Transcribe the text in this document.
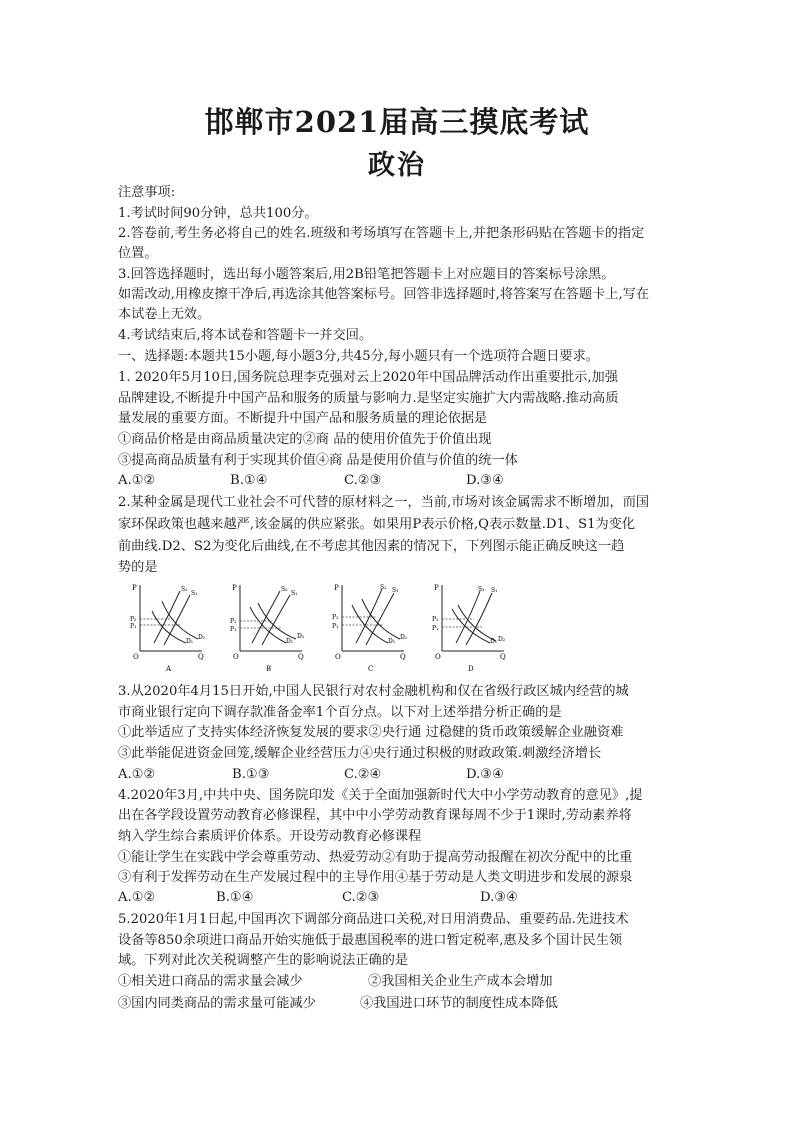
邯郸市2021届高三摸底考试
政治
注意事项:
1.考试时间90分钟，总共100分。
2.答卷前,考生务必将自己的姓名.班级和考场填写在答题卡上,并把条形码贴在答题卡的指定
位置。
3.回答选择题时，选出每小题答案后,用2B铅笔把答题卡上对应题目的答案标号涂黑。
如需改动,用橡皮擦干净后,再选涂其他答案标号。回答非选择题时,将答案写在答题卡上,写在
本试卷上无效。
4.考试结束后,将本试卷和答题卡一并交回。
一、选择题:本题共15小题,每小题3分,共45分,每小题只有一个选项符合题日要求。
1. 2020年5月10日,国务院总理李克强对云上2020年中国品牌活动作出重要批示,加强
品牌建设,不断提升中国产品和服务的质量与影响力.是坚定实施扩大内需战略.推动高质
量发展的重要方面。不断提升中国产品和服务质量的理论依据是
①商品价格是由商品质量决定的②商 品的使用价值先于价值出现
③提高商品质量有利于实现其价值④商 品是使用价值与价值的统一体
A.①②	B.①④	C.②③	D.③④
2.某种金属是现代工业社会不可代替的原材料之一，当前,市场对该金属需求不断增加，而国
家环保政策也越来越严,该金属的供应紧张。如果用P表示价格,Q表示数量.D1、S1为变化
前曲线.D2、S2为变化后曲线,在不考虑其他因素的情况下，下列图示能正确反映这一趋
势的是
P
Q
O
S₂
S₁
D₁
D₂
P₂
P₁
A
P
Q
O
S₂
S₁
D₁
D₂
P₂
P₁
B
P
Q
O
S₂ S₁
D₁
D₂
P₂
P₁
C
P
Q
O
S₂ S₁
D₁ D₂
P₂
P₁
D
3.从2020年4月15日开始,中国人民银行对农村金融机构和仅在省级行政区城内经营的城
市商业银行定向下调存款准备金率1个百分点。以下对上述举措分析正确的是
①此举适应了支持实体经济恢复发展的要求②央行通 过稳健的货币政策缓解企业融资难
③此举能促进资金回笼,缓解企业经营压力④央行通过积极的财政政策.刺激经济增长
A.①②	B.①③	C.②④	D.③④
4.2020年3月,中共中央、国务院印发《关于全面加强新时代大中小学劳动教育的意见》,提
出在各学段设置劳动教育必修课程，其中中小学劳动教育课每周不少于1课时,劳动素养将
纳入学生综合素质评价体系。开设劳动教育必修课程
①能让学生在实践中学会尊重劳动、热爱劳动②有助于提高劳动报醒在初次分配中的比重
③有利于发挥劳动在生产发展过程中的主导作用④基于劳动是人类文明进步和发展的源泉
A.①②	B.①④	C.②③	D.③④
5.2020年1月1日起,中国再次下调部分商品进口关税,对日用消费品、重要药品.先进技术
设备等850余项进口商品开始实施低于最惠国税率的进口暂定税率,惠及多个国计民生领
域。下列对此次关税调整产生的影响说法正确的是
①相关进口商品的需求量会减少	②我国相关企业生产成本会增加
③国内同类商品的需求量可能减少	④我国进口环节的制度性成本降低
